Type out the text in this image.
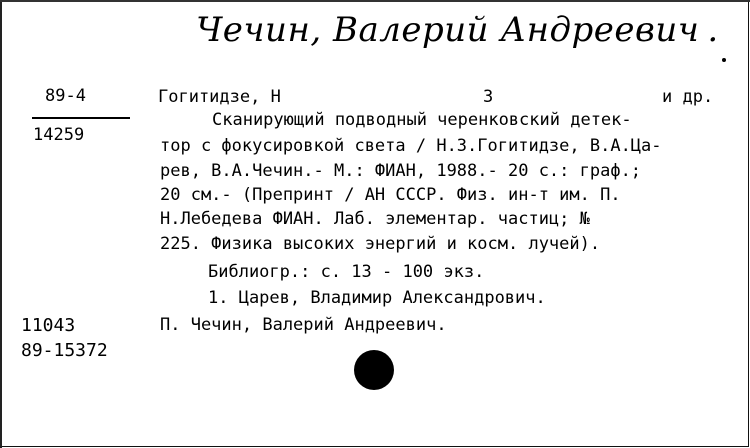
Чечин, Валерий Андреевич .
89-4
14259
Гогитидзе, Н	3	и др.
Сканирующий подводный черенковский детек-
тор с фокусировкой света / Н.З.Гогитидзе, В.А.Ца-
рев, В.А.Чечин.- М.: ФИАН, 1988.- 20 с.: граф.;
20 см.- (Препринт / АН СССР. Физ. ин-т им. П.
Н.Лебедева ФИАН. Лаб. элементар. частиц; №
225. Физика высоких энергий и косм. лучей).
Библиогр.: с. 13 - 100 экз.
1. Царев, Владимир Александрович.
П. Чечин, Валерий Андреевич.
11043
89-15372
